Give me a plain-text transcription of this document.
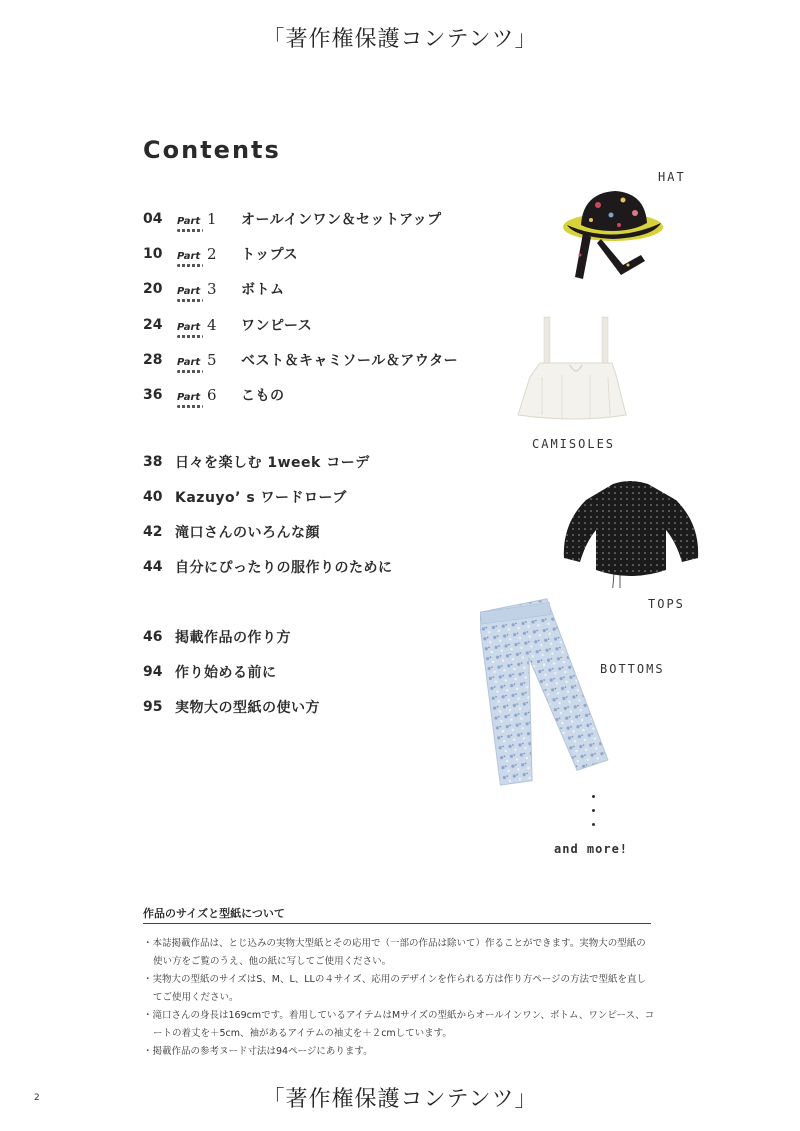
「著作権保護コンテンツ」
Contents
04	Part 1	オールインワン＆セットアップ
10	Part 2	トップス
20	Part 3	ボトム
24	Part 4	ワンピース
28	Part 5	ベスト＆キャミソール＆アウター
36	Part 6	こもの
38 日々を楽しむ 1week コーデ
40 Kazuyo’ s ワードローブ
42 滝口さんのいろんな顔
44 自分にぴったりの服作りのために
46 掲載作品の作り方
94 作り始める前に
95 実物大の型紙の使い方
HAT
CAMISOLES
TOPS
BOTTOMS
and more!
作品のサイズと型紙について
・本誌掲載作品は、とじ込みの実物大型紙とその応用で（一部の作品は除いて）作ることができます。実物大の型紙の使い方をご覧のうえ、他の紙に写してご使用ください。
・実物大の型紙のサイズはS、M、L、LLの４サイズ、応用のデザインを作られる方は作り方ページの方法で型紙を直してご使用ください。
・滝口さんの身長は169cmです。着用しているアイテムはMサイズの型紙からオールインワン、ボトム、ワンピース、コートの着丈を＋5cm、袖があるアイテムの袖丈を＋２cmしています。
・掲載作品の参考ヌード寸法は94ページにあります。
2	「著作権保護コンテンツ」
